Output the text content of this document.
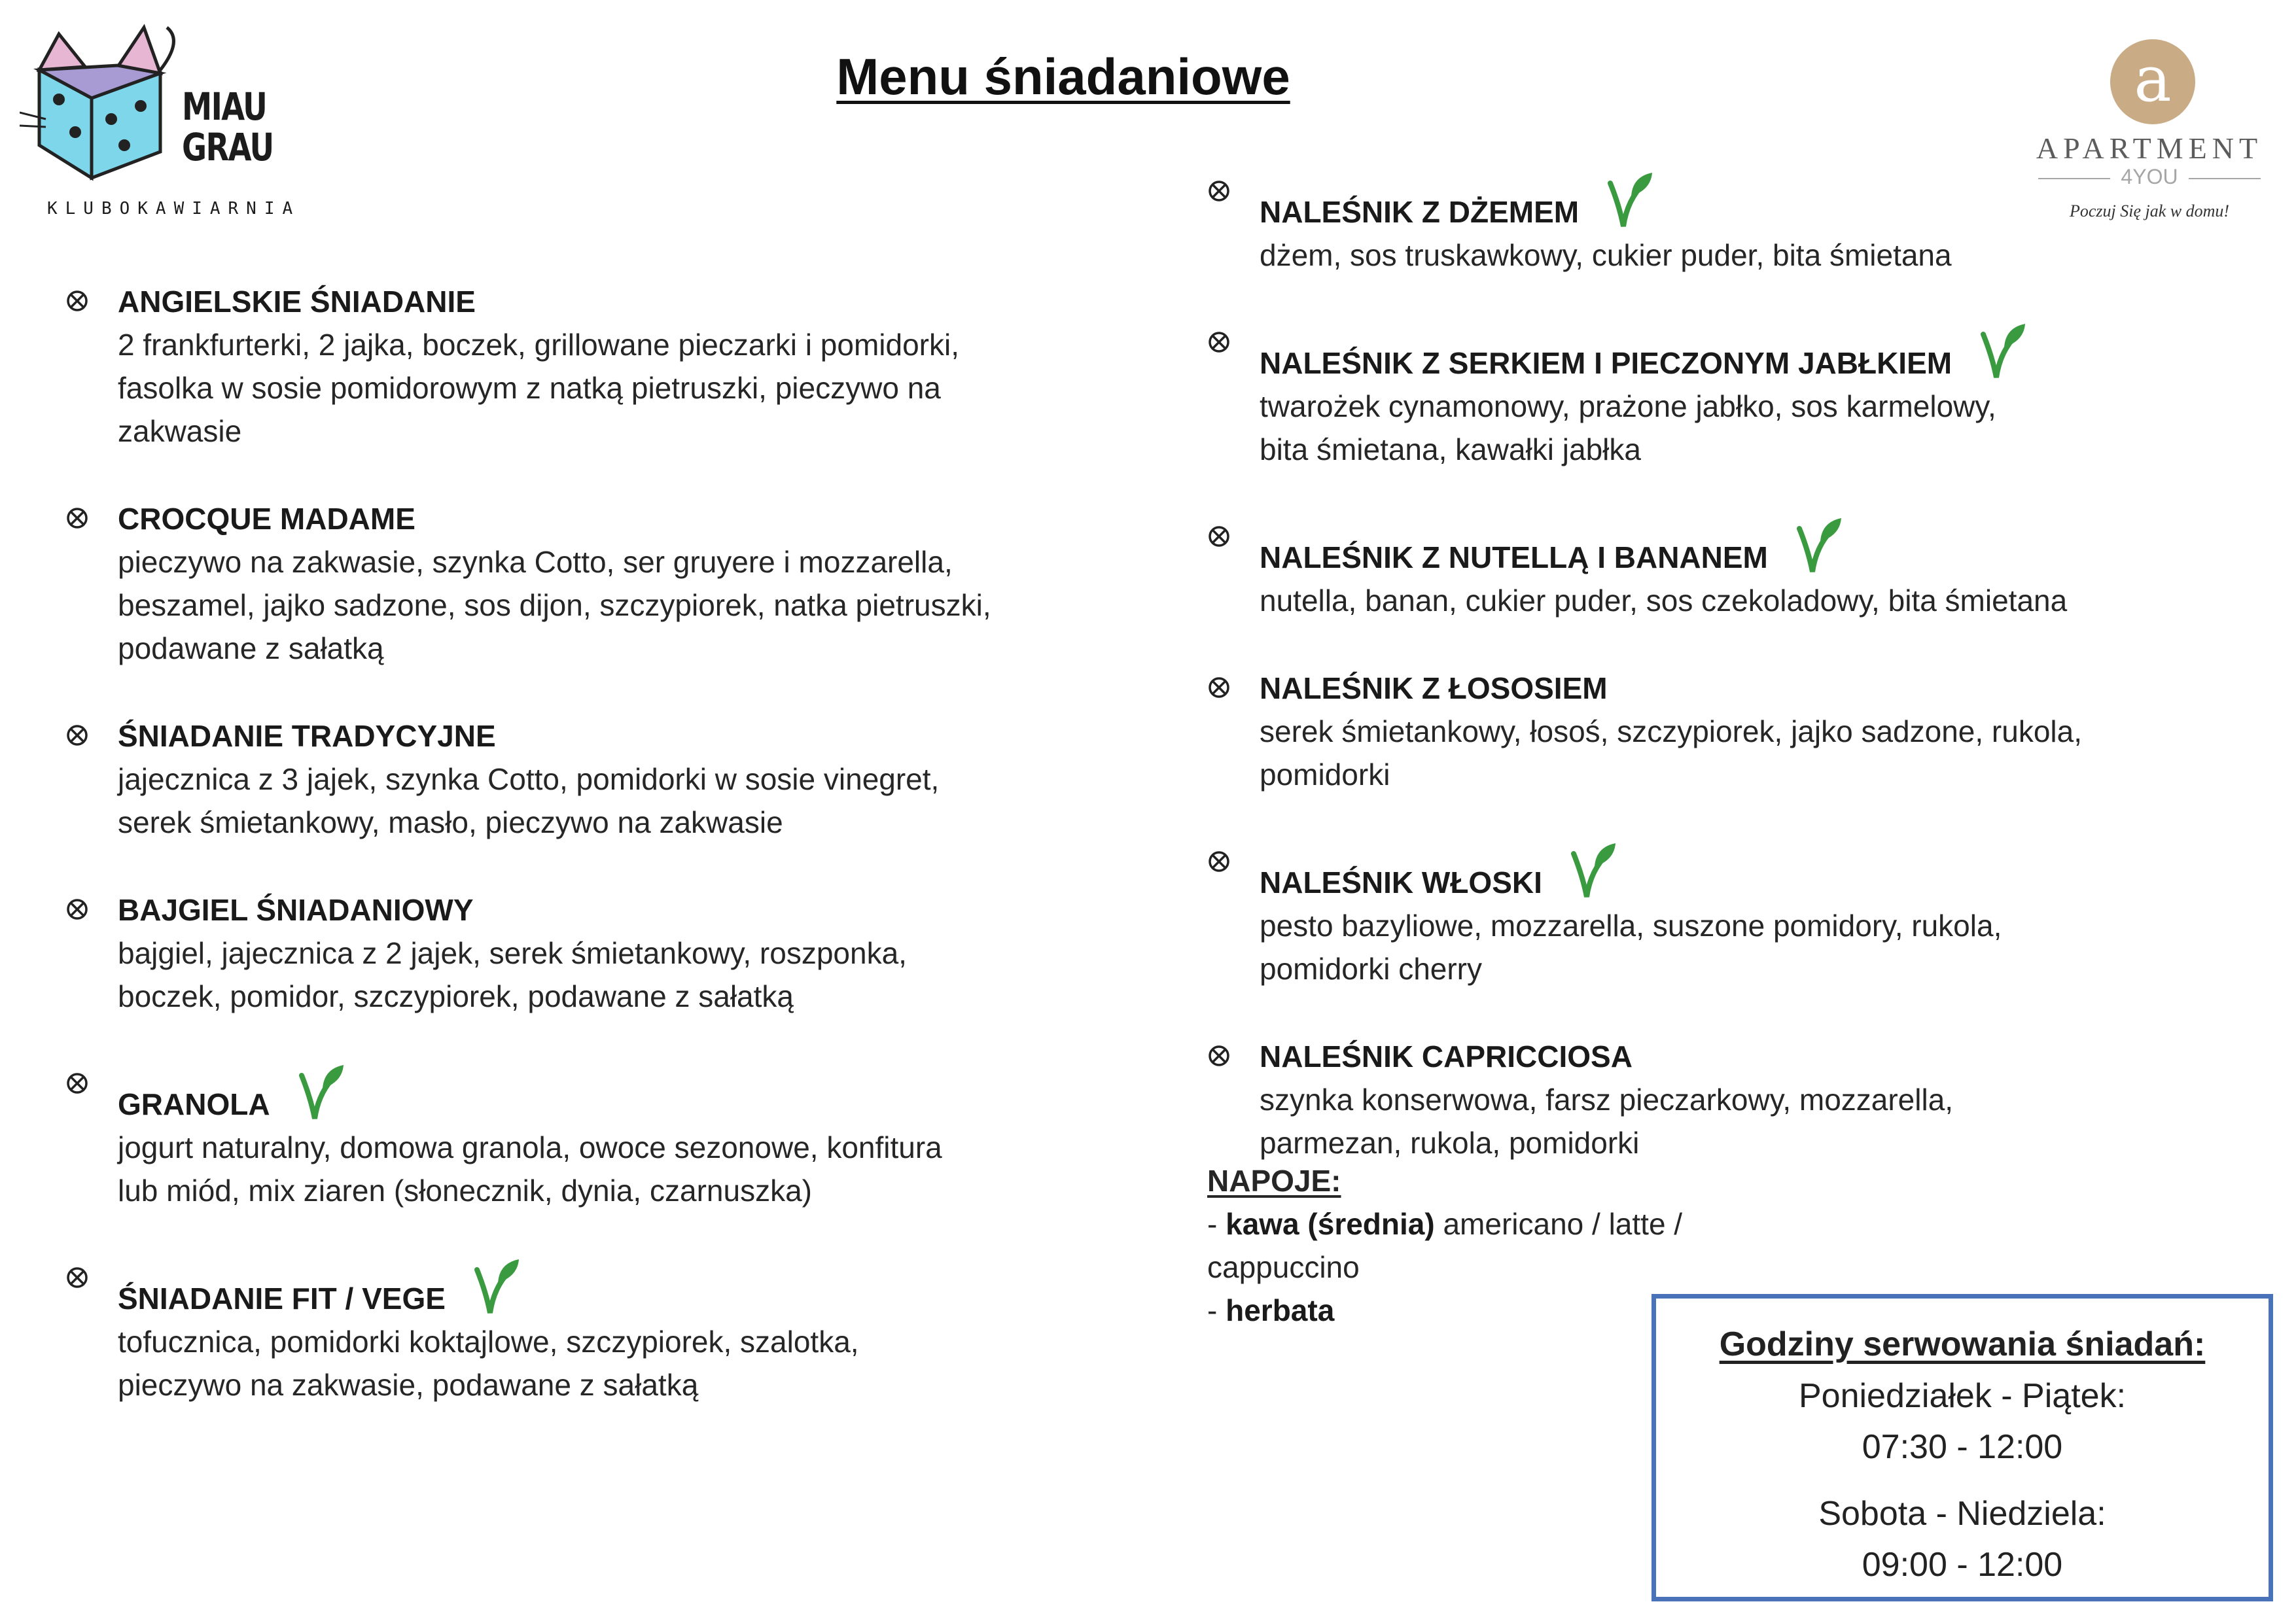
Menu śniadaniowe
MIAU
GRAU
KLUBOKAWIARNIA
a
APARTMENT
4YOU
Poczuj Się jak w domu!
ANGIELSKIE ŚNIADANIE
2 frankfurterki, 2 jajka, boczek, grillowane pieczarki i pomidorki,
fasolka w sosie pomidorowym z natką pietruszki, pieczywo na
zakwasie
CROCQUE MADAME
pieczywo na zakwasie, szynka Cotto, ser gruyere i mozzarella,
beszamel, jajko sadzone, sos dijon, szczypiorek, natka pietruszki,
podawane z sałatką
ŚNIADANIE TRADYCYJNE
jajecznica z 3 jajek, szynka Cotto, pomidorki w sosie vinegret,
serek śmietankowy, masło, pieczywo na zakwasie
BAJGIEL ŚNIADANIOWY
bajgiel, jajecznica z 2 jajek, serek śmietankowy, roszponka,
boczek, pomidor, szczypiorek, podawane z sałatką
GRANOLA
jogurt naturalny, domowa granola, owoce sezonowe, konfitura
lub miód, mix ziaren (słonecznik, dynia, czarnuszka)
ŚNIADANIE FIT / VEGE
tofucznica, pomidorki koktajlowe, szczypiorek, szalotka,
pieczywo na zakwasie, podawane z sałatką
NALEŚNIK Z DŻEMEM
dżem, sos truskawkowy, cukier puder, bita śmietana
NALEŚNIK Z SERKIEM I PIECZONYM JABŁKIEM
twarożek cynamonowy, prażone jabłko, sos karmelowy,
bita śmietana, kawałki jabłka
NALEŚNIK Z NUTELLĄ I BANANEM
nutella, banan, cukier puder, sos czekoladowy, bita śmietana
NALEŚNIK Z ŁOSOSIEM
serek śmietankowy, łosoś, szczypiorek, jajko sadzone, rukola,
pomidorki
NALEŚNIK WŁOSKI
pesto bazyliowe, mozzarella, suszone pomidory, rukola,
pomidorki cherry
NALEŚNIK CAPRICCIOSA
szynka konserwowa, farsz pieczarkowy, mozzarella,
parmezan, rukola, pomidorki
NAPOJE:
- kawa (średnia) americano / latte / cappuccino
- herbata
Godziny serwowania śniadań:
Poniedziałek - Piątek:
07:30 - 12:00
Sobota - Niedziela:
09:00 - 12:00
